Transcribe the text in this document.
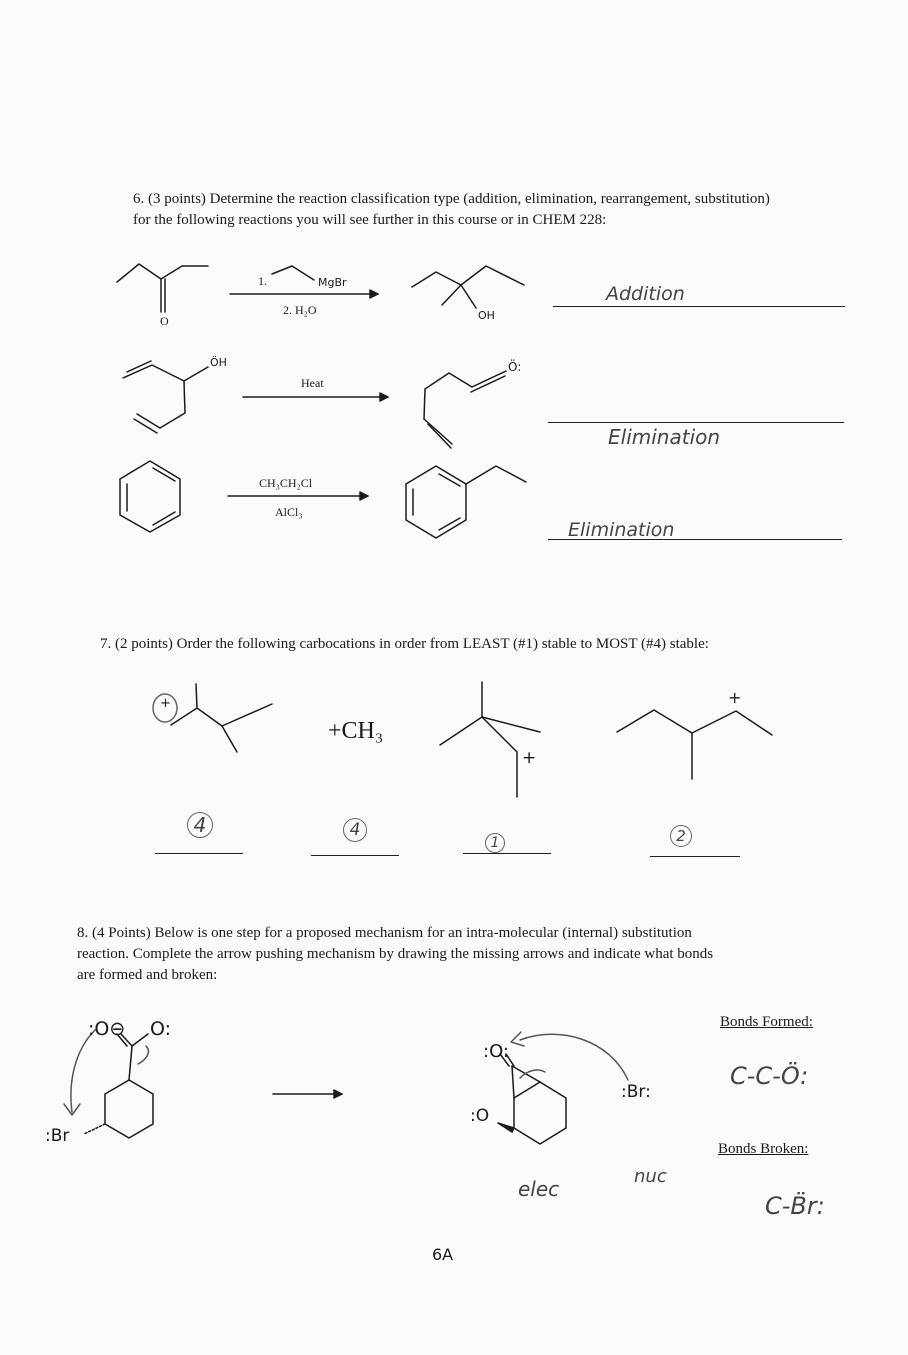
6. (3 points) Determine the reaction classification type (addition, elimination, rearrangement, substitution)
for the following reactions you will see further in this course or in CHEM 228:
O
1.	MgBr
2. H₂O	OH
Addition
ÖH
Heat
Ö:
Elimination
CH₃CH₂Cl
AlCl₃
Elimination
7. (2 points) Order the following carbocations in order from LEAST (#1) stable to MOST (#4) stable:
+
+CH₃
+
+
4	4
1	2
8. (4 Points) Below is one step for a proposed mechanism for an intra-molecular (internal) substitution
reaction. Complete the arrow pushing mechanism by drawing the missing arrows and indicate what bonds
are formed and broken:
:O⊖ O:
:Br
:O:
:O
:Br:
elec
nuc
Bonds Formed:
C-C-Ö:
Bonds Broken:
C-B̈r:
6A
